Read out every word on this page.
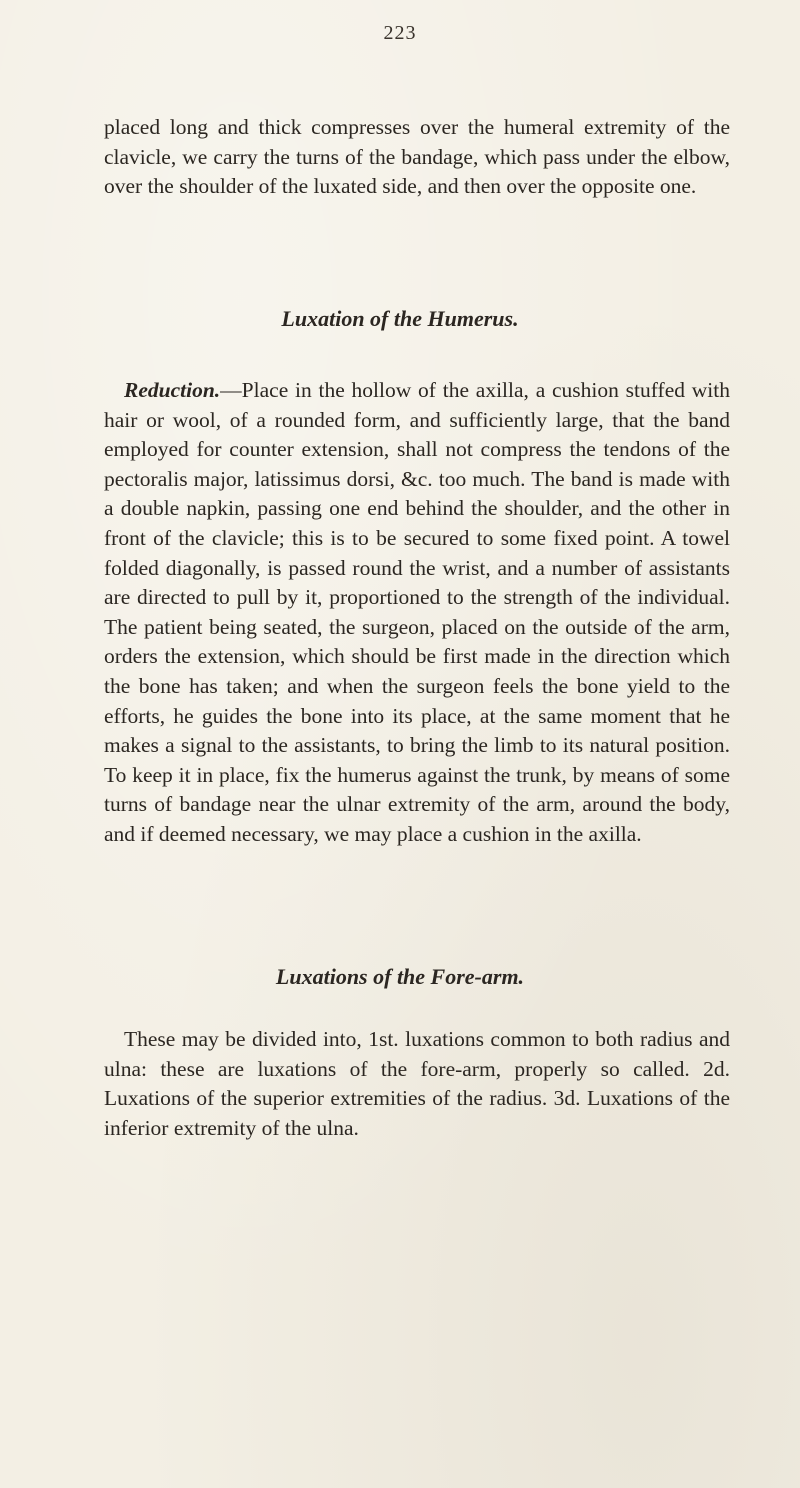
223

placed long and thick compresses over the humeral extremity of the clavicle, we carry the turns of the bandage, which pass under the elbow, over the shoulder of the luxated side, and then over the opposite one.

Luxation of the Humerus.

Reduction.—Place in the hollow of the axilla, a cushion stuffed with hair or wool, of a rounded form, and sufficiently large, that the band employed for counter extension, shall not compress the tendons of the pectoralis major, latissimus dorsi, &c. too much. The band is made with a double napkin, passing one end behind the shoulder, and the other in front of the clavicle; this is to be secured to some fixed point. A towel folded diagonally, is passed round the wrist, and a number of assistants are directed to pull by it, proportioned to the strength of the individual. The patient being seated, the surgeon, placed on the outside of the arm, orders the extension, which should be first made in the direction which the bone has taken; and when the surgeon feels the bone yield to the efforts, he guides the bone into its place, at the same moment that he makes a signal to the assistants, to bring the limb to its natural position. To keep it in place, fix the humerus against the trunk, by means of some turns of bandage near the ulnar extremity of the arm, around the body, and if deemed necessary, we may place a cushion in the axilla.

Luxations of the Fore-arm.

These may be divided into, 1st. luxations common to both radius and ulna: these are luxations of the fore-arm, properly so called. 2d. Luxations of the superior extremities of the radius. 3d. Luxations of the inferior extremity of the ulna.
